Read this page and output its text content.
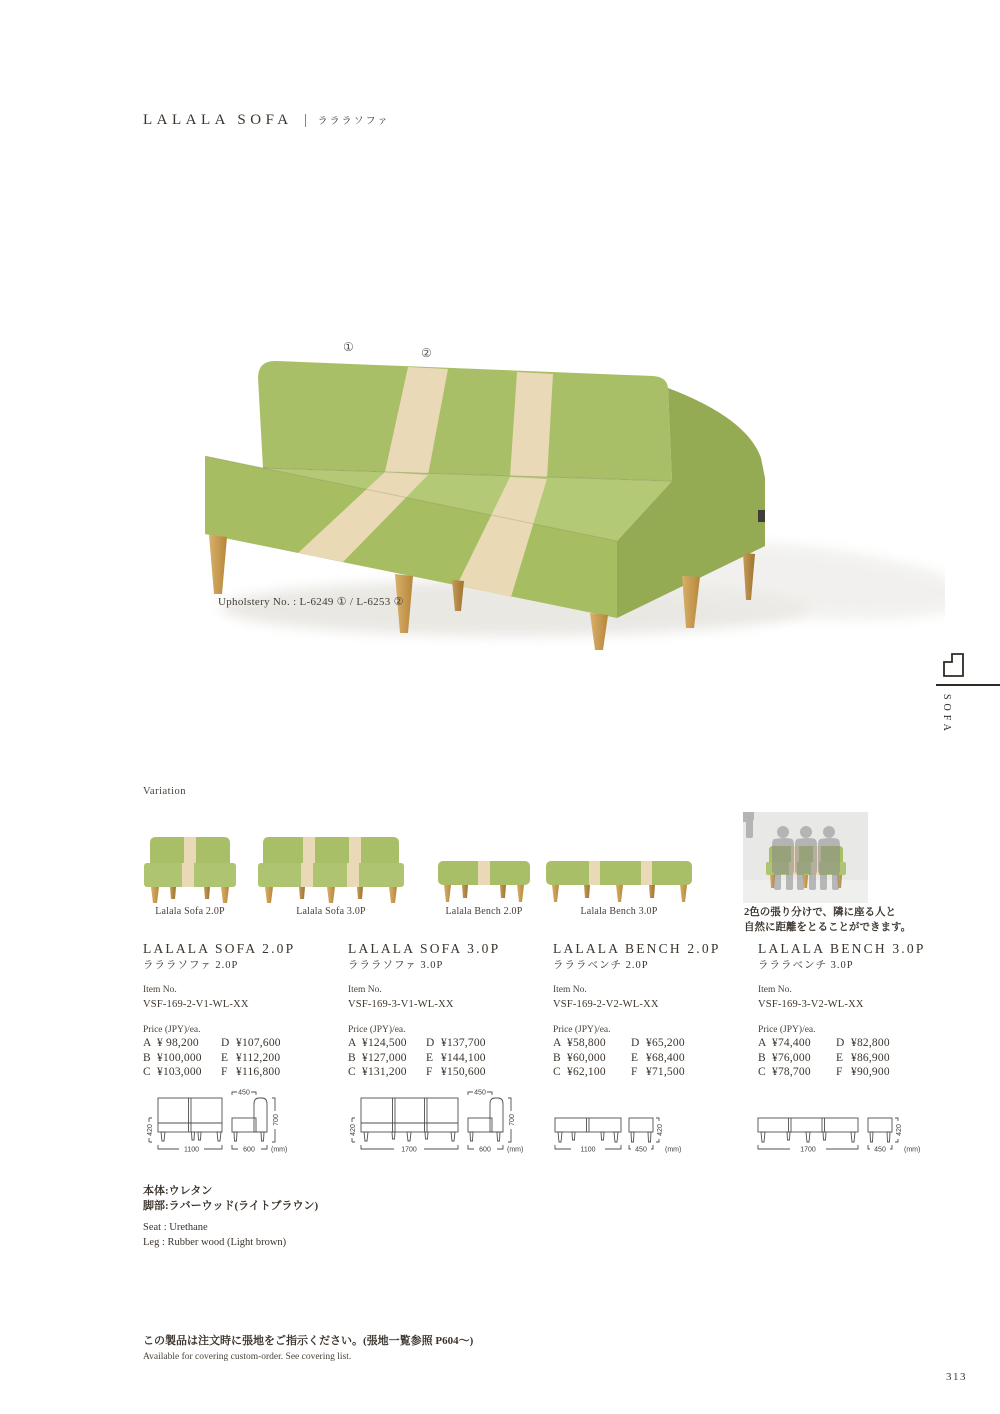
LALALA SOFA	ラララソファ
①	②
Upholstery No. : L-6249 ① / L-6253 ②
SOFA
Variation
Lalala Sofa 2.0P	Lalala Sofa 3.0P	Lalala Bench 2.0P	Lalala Bench 3.0P	2色の張り分けで、隣に座る人と
自然に距離をとることができます。
LALALA SOFA 2.0P
ラララソファ 2.0P
Item No.
VSF-169-2-V1-WL-XX
Price (JPY)/ea.
A ¥ 98,200	D ¥107,600
B ¥100,000	E ¥112,200
C ¥103,000	F ¥116,800
420
1100
450
700
600 (mm)
LALALA SOFA 3.0P
ラララソファ 3.0P
Item No.
VSF-169-3-V1-WL-XX
Price (JPY)/ea.
A ¥124,500	D ¥137,700
B ¥127,000	E ¥144,100
C ¥131,200	F ¥150,600
420
1700
450
700
600 (mm)
LALALA BENCH 2.0P
ラララベンチ 2.0P
Item No.
VSF-169-2-V2-WL-XX
Price (JPY)/ea.
A ¥58,800	D ¥65,200
B ¥60,000	E ¥68,400
C ¥62,100	F ¥71,500
1100	450
420
(mm)
LALALA BENCH 3.0P
ラララベンチ 3.0P
Item No.
VSF-169-3-V2-WL-XX
Price (JPY)/ea.
A ¥74,400	D ¥82,800
B ¥76,000	E ¥86,900
C ¥78,700	F ¥90,900
1700	450
420
(mm)
本体:ウレタン
脚部:ラバーウッド(ライトブラウン)
Seat : Urethane
Leg : Rubber wood (Light brown)
この製品は注文時に張地をご指示ください。(張地一覧参照 P604〜)
Available for covering custom-order. See covering list.
313
